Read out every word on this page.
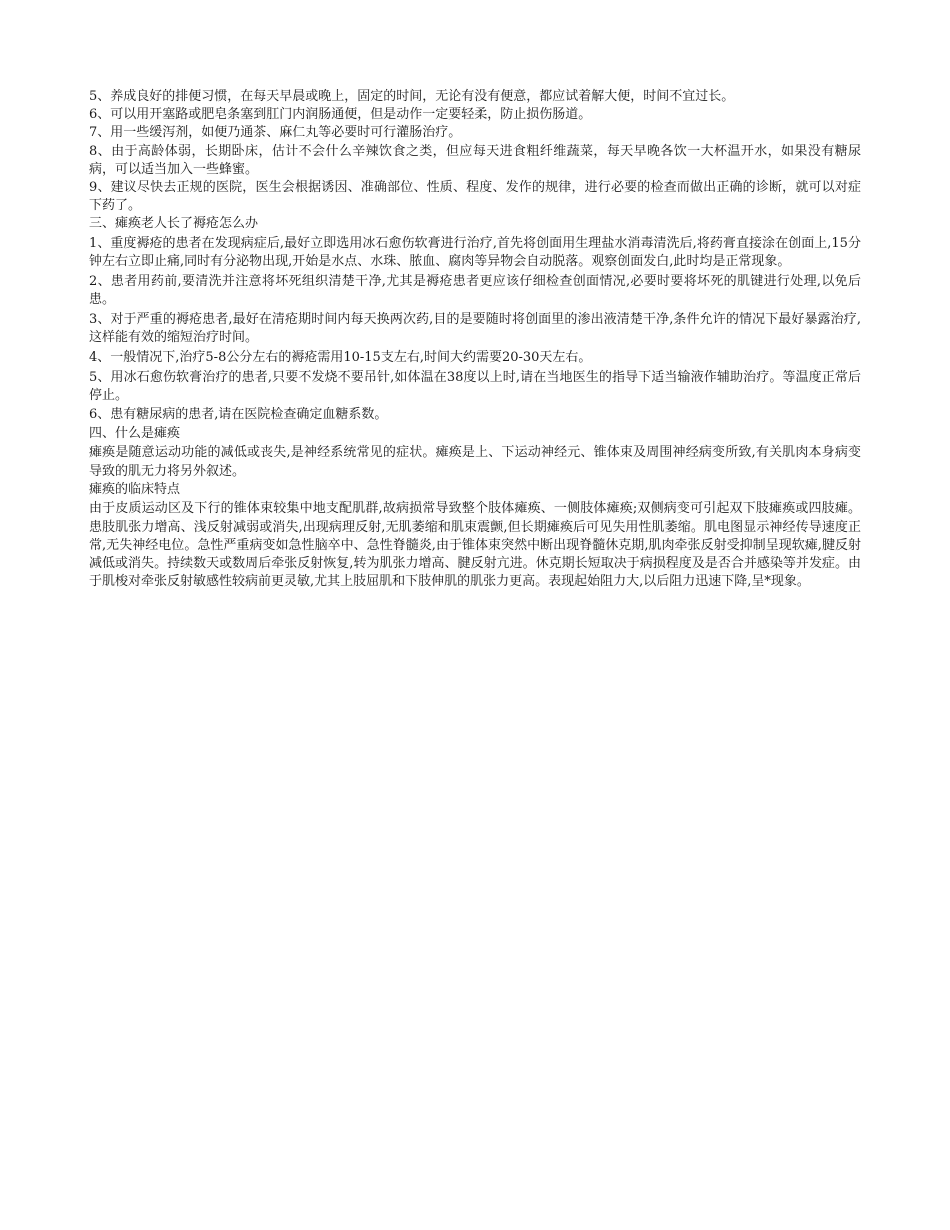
5、养成良好的排便习惯，在每天早晨或晚上，固定的时间，无论有没有便意，都应试着解大便，时间不宜过长。

6、可以用开塞路或肥皂条塞到肛门内润肠通便，但是动作一定要轻柔，防止损伤肠道。

7、用一些缓泻剂，如便乃通茶、麻仁丸等必要时可行灌肠治疗。

8、由于高龄体弱，长期卧床，估计不会什么辛辣饮食之类，但应每天进食粗纤维蔬菜，每天早晚各饮一大杯温开水，如果没有糖尿病，可以适当加入一些蜂蜜。

9、建议尽快去正规的医院，医生会根据诱因、准确部位、性质、程度、发作的规律，进行必要的检查而做出正确的诊断，就可以对症下药了。

三、瘫痪老人长了褥疮怎么办

1、重度褥疮的患者在发现病症后,最好立即选用冰石愈伤软膏进行治疗,首先将创面用生理盐水消毒清洗后,将药膏直接涂在创面上,15分钟左右立即止痛,同时有分泌物出现,开始是水点、水珠、脓血、腐肉等异物会自动脱落。观察创面发白,此时均是正常现象。

2、患者用药前,要清洗并注意将坏死组织清楚干净,尤其是褥疮患者更应该仔细检查创面情况,必要时要将坏死的肌键进行处理,以免后患。

3、对于严重的褥疮患者,最好在清疮期时间内每天换两次药,目的是要随时将创面里的渗出液清楚干净,条件允许的情况下最好暴露治疗,这样能有效的缩短治疗时间。

4、一般情况下,治疗5-8公分左右的褥疮需用10-15支左右,时间大约需要20-30天左右。

5、用冰石愈伤软膏治疗的患者,只要不发烧不要吊针,如体温在38度以上时,请在当地医生的指导下适当输液作辅助治疗。等温度正常后停止。

6、患有糖尿病的患者,请在医院检查确定血糖系数。

四、什么是瘫痪

瘫痪是随意运动功能的减低或丧失,是神经系统常见的症状。瘫痪是上、下运动神经元、锥体束及周围神经病变所致,有关肌肉本身病变导致的肌无力将另外叙述。

瘫痪的临床特点

由于皮质运动区及下行的锥体束较集中地支配肌群,故病损常导致整个肢体瘫痪、一侧肢体瘫痪;双侧病变可引起双下肢瘫痪或四肢瘫。患肢肌张力增高、浅反射减弱或消失,出现病理反射,无肌萎缩和肌束震颤,但长期瘫痪后可见失用性肌萎缩。肌电图显示神经传导速度正常,无失神经电位。急性严重病变如急性脑卒中、急性脊髓炎,由于锥体束突然中断出现脊髓休克期,肌肉牵张反射受抑制呈现软瘫,腱反射减低或消失。持续数天或数周后牵张反射恢复,转为肌张力增高、腱反射亢进。休克期长短取决于病损程度及是否合并感染等并发症。由于肌梭对牵张反射敏感性较病前更灵敏,尤其上肢屈肌和下肢伸肌的肌张力更高。表现起始阻力大,以后阻力迅速下降,呈*现象。
